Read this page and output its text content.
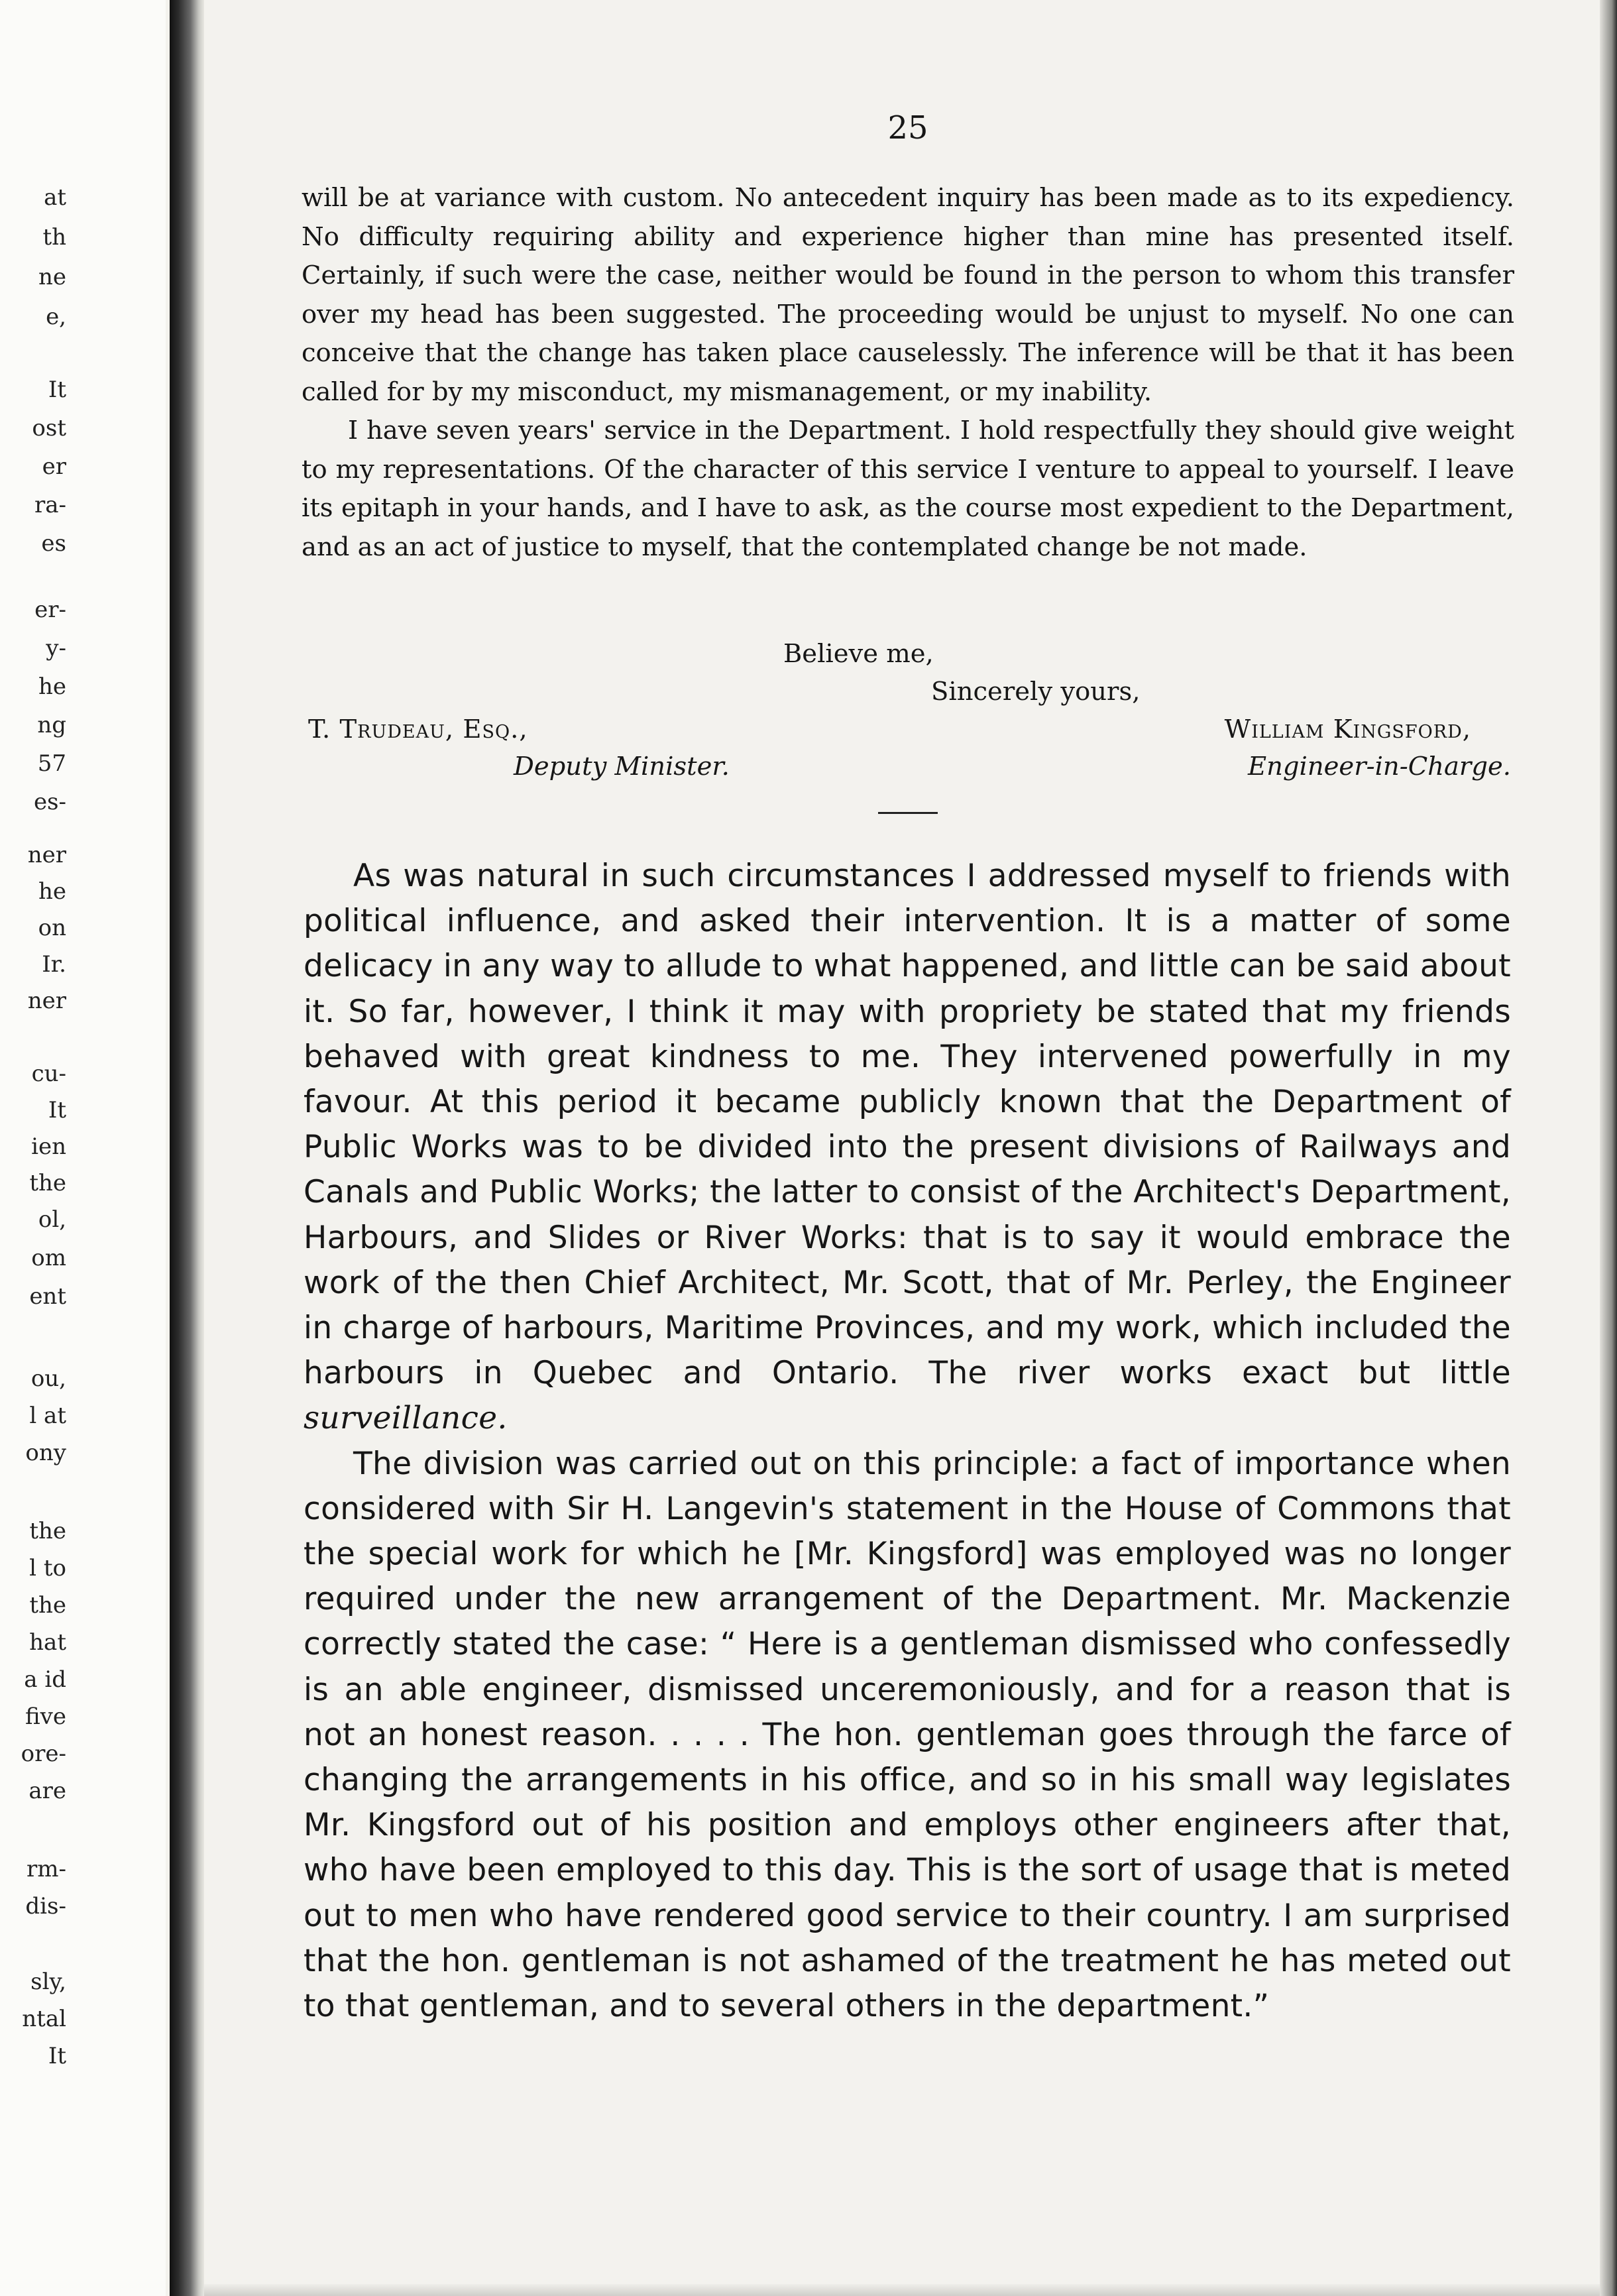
at
th
ne
e,
It
ost
er
ra-
es
er-
y-
he
ng
57
es-
ner
he
on
Ir.
ner
cu-
It
ien
the
ol,
om
ent
ou,
l at
ony
the
l to
the
hat
a id
five
ore-
are
rm-
dis-
sly,
ntal
It
25

will be at variance with custom. No antecedent inquiry has been made as to its expediency. No difficulty requiring ability and experience higher than mine has presented itself. Certainly, if such were the case, neither would be found in the person to whom this transfer over my head has been suggested. The proceeding would be unjust to myself. No one can conceive that the change has taken place causelessly. The inference will be that it has been called for by my misconduct, my mismanagement, or my inability.

I have seven years' service in the Department. I hold respectfully they should give weight to my representations. Of the character of this service I venture to appeal to yourself. I leave its epitaph in your hands, and I have to ask, as the course most expedient to the Department, and as an act of justice to myself, that the contemplated change be not made.

Believe me,
Sincerely yours,
T. Trudeau, Esq.,
Deputy Minister.
William Kingsford,
Engineer-in-Charge.

As was natural in such circumstances I addressed myself to friends with political influence, and asked their intervention. It is a matter of some delicacy in any way to allude to what happened, and little can be said about it. So far, however, I think it may with propriety be stated that my friends behaved with great kindness to me. They intervened powerfully in my favour. At this period it became publicly known that the Department of Public Works was to be divided into the present divisions of Railways and Canals and Public Works; the latter to consist of the Architect's Department, Harbours, and Slides or River Works: that is to say it would embrace the work of the then Chief Architect, Mr. Scott, that of Mr. Perley, the Engineer in charge of harbours, Maritime Provinces, and my work, which included the harbours in Quebec and Ontario. The river works exact but little surveillance.

The division was carried out on this principle: a fact of importance when considered with Sir H. Langevin's statement in the House of Commons that the special work for which he [Mr. Kingsford] was employed was no longer required under the new arrangement of the Department. Mr. Mackenzie correctly stated the case: “ Here is a gentleman dismissed who confessedly is an able engineer, dismissed unceremoniously, and for a reason that is not an honest reason. . . . . The hon. gentleman goes through the farce of changing the arrangements in his office, and so in his small way legislates Mr. Kingsford out of his position and employs other engineers after that, who have been employed to this day. This is the sort of usage that is meted out to men who have rendered good service to their country. I am surprised that the hon. gentleman is not ashamed of the treatment he has meted out to that gentleman, and to several others in the department.”
